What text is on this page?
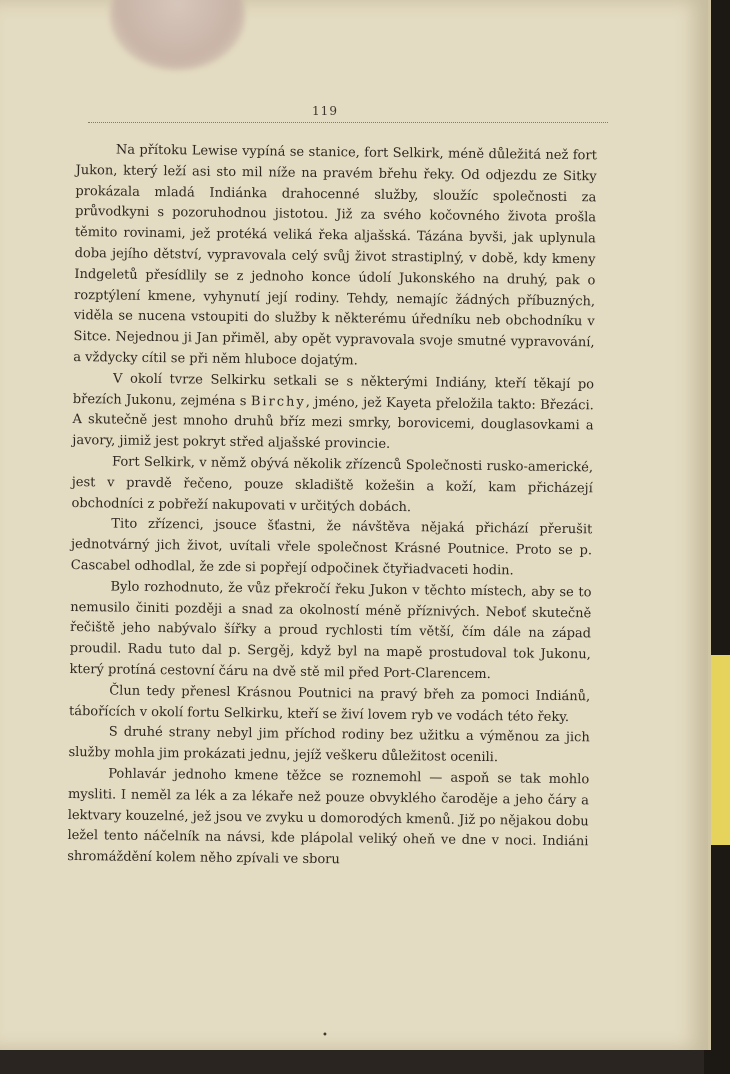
119

Na přítoku Lewise vypíná se stanice, fort Selkirk, méně důležitá než fort Jukon, který leží asi sto mil níže na pravém břehu řeky. Od odjezdu ze Sitky prokázala mladá Indiánka drahocenné služby, sloužíc společnosti za průvodkyni s pozoruhodnou jistotou. Již za svého kočovného života prošla těmito rovinami, jež protéká veliká řeka aljašská. Tázána byvši, jak uplynula doba jejího dětství, vypravovala celý svůj život strastiplný, v době, kdy kmeny Indgeletů přesídlily se z jednoho konce údolí Jukonského na druhý, pak o rozptýlení kmene, vyhynutí její rodiny. Tehdy, nemajíc žádných příbuzných, viděla se nucena vstoupiti do služby k některému úředníku neb obchodníku v Sitce. Nejednou ji Jan přiměl, aby opět vypravovala svoje smutné vypravování, a vždycky cítil se při něm hluboce dojatým.

V okolí tvrze Selkirku setkali se s některými Indiány, kteří těkají po březích Jukonu, zejména s Birchy, jméno, jež Kayeta přeložila takto: Březáci. A skutečně jest mnoho druhů bříz mezi smrky, borovicemi, douglasovkami a javory, jimiž jest pokryt střed aljašské provincie.

Fort Selkirk, v němž obývá několik zřízenců Společnosti rusko-americké, jest v pravdě řečeno, pouze skladiště kožešin a koží, kam přicházejí obchodníci z pobřeží nakupovati v určitých dobách.

Tito zřízenci, jsouce šťastni, že návštěva nějaká přichází přerušit jednotvárný jich život, uvítali vřele společnost Krásné Poutnice. Proto se p. Cascabel odhodlal, že zde si popřejí odpočinek čtyřiadvaceti hodin.

Bylo rozhodnuto, že vůz překročí řeku Jukon v těchto místech, aby se to nemusilo činiti později a snad za okolností méně příznivých. Neboť skutečně řečiště jeho nabývalo šířky a proud rychlosti tím větší, čím dále na západ proudil. Radu tuto dal p. Sergěj, když byl na mapě prostudoval tok Jukonu, který protíná cestovní čáru na dvě stě mil před Port-Clarencem.

Člun tedy přenesl Krásnou Poutnici na pravý břeh za pomoci Indiánů, tábořících v okolí fortu Selkirku, kteří se živí lovem ryb ve vodách této řeky.

S druhé strany nebyl jim příchod rodiny bez užitku a výměnou za jich služby mohla jim prokázati jednu, jejíž veškeru důležitost ocenili.

Pohlavár jednoho kmene těžce se roznemohl — aspoň se tak mohlo mysliti. I neměl za lék a za lékaře než pouze obvyklého čaroděje a jeho čáry a lektvary kouzelné, jež jsou ve zvyku u domorodých kmenů. Již po nějakou dobu ležel tento náčelník na návsi, kde plápolal veliký oheň ve dne v noci. Indiáni shromáždění kolem něho zpívali ve sboru

•
